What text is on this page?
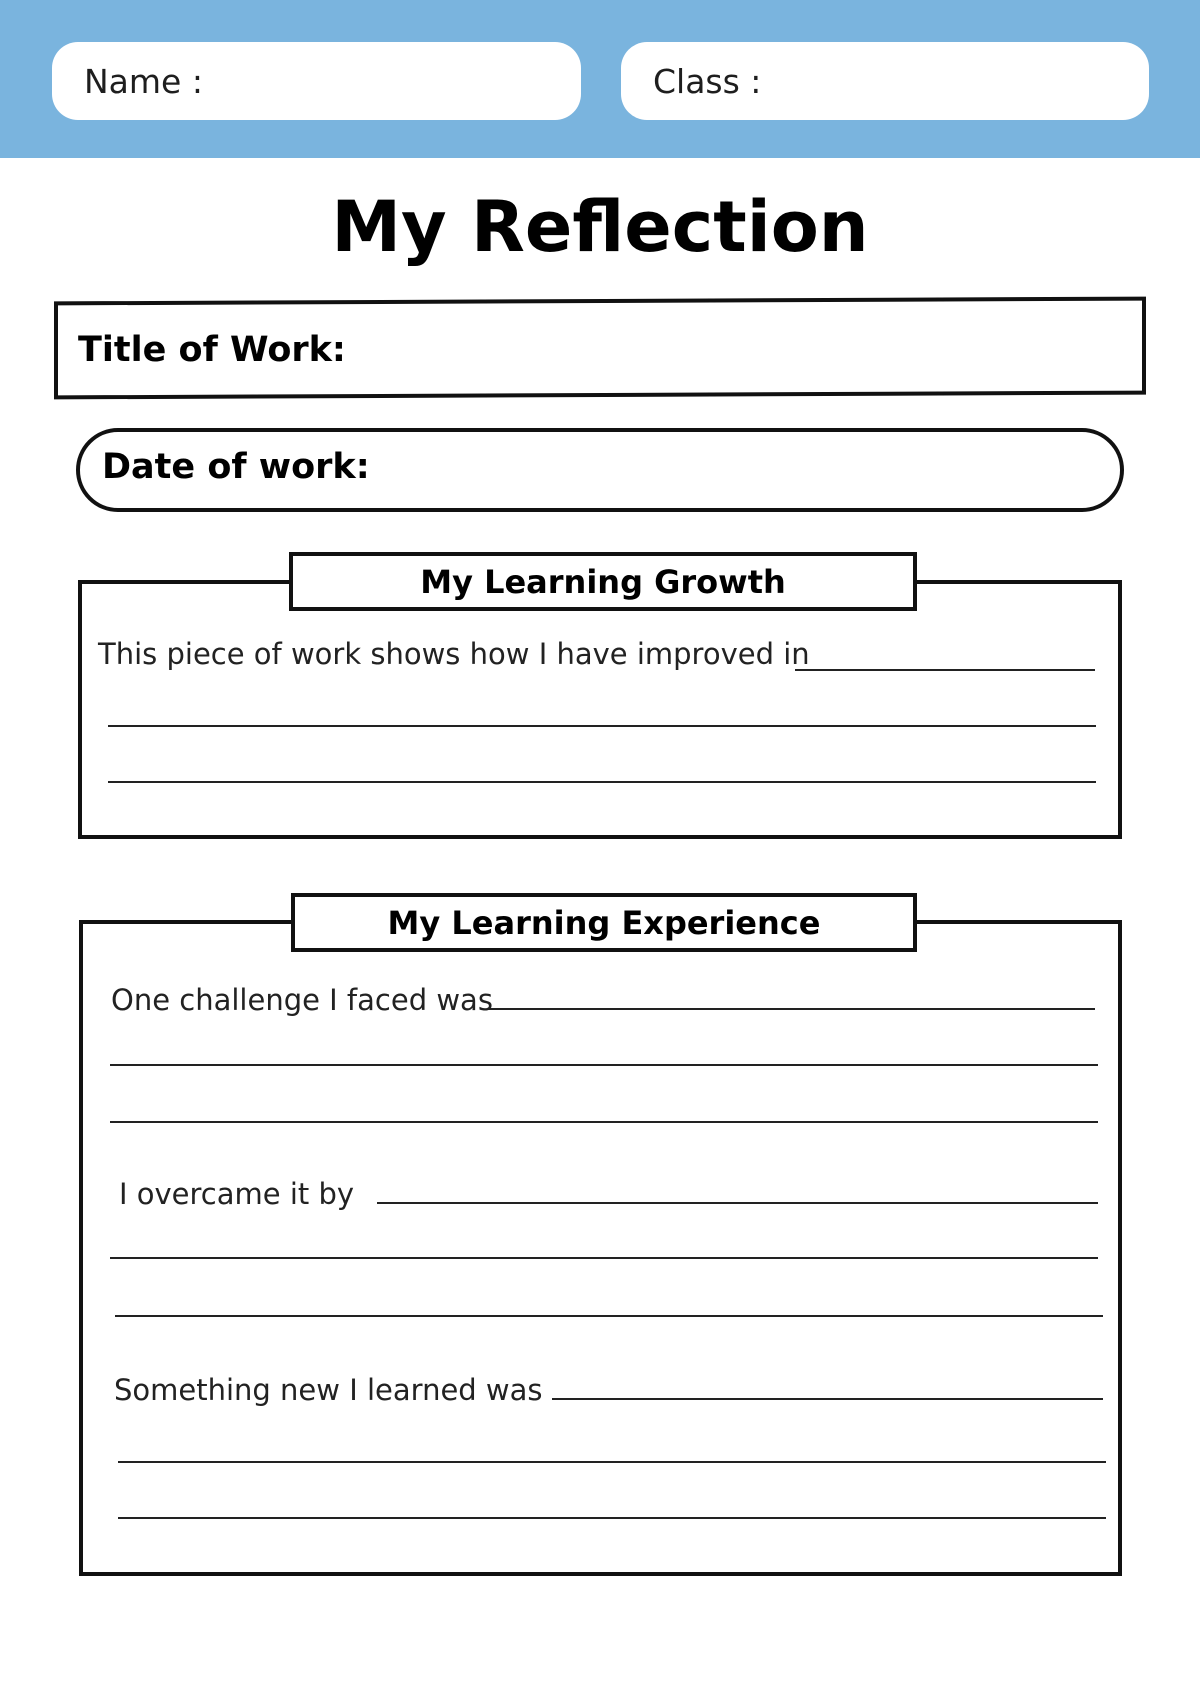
Name :	Class :
My Reflection
Title of Work:
Date of work:
My Learning Growth
This piece of work shows how I have improved in
My Learning Experience
One challenge I faced was
I overcame it by
Something new I learned was
